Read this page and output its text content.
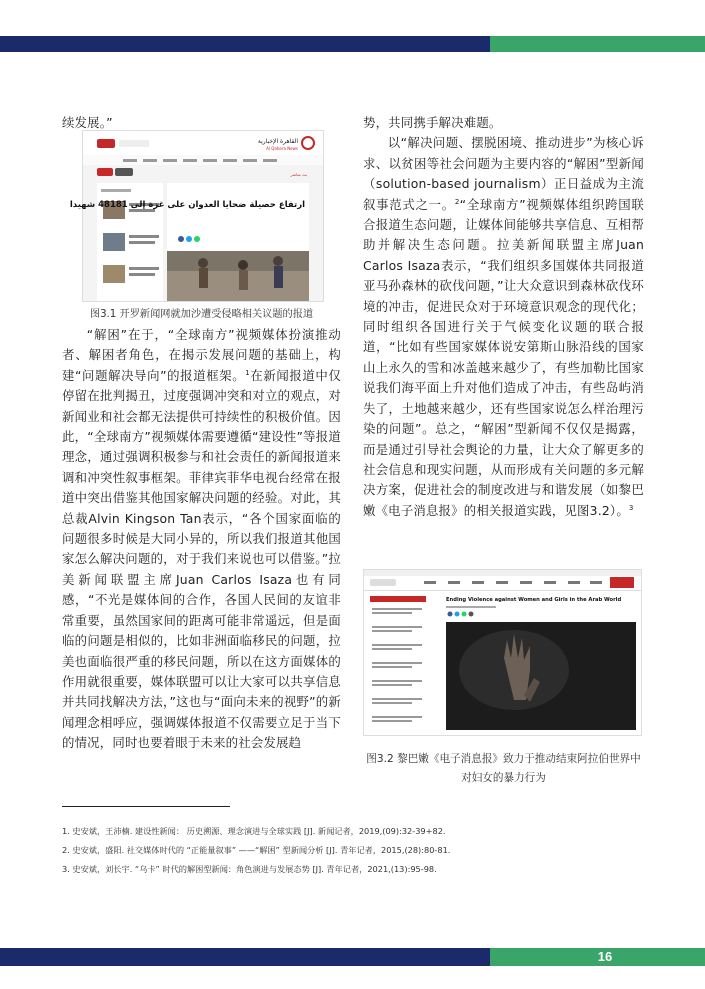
续发展。”

القاهرة الإخبارية
Al Qahera News
بث مباشر
ارتفاع حصيلة ضحايا العدوان على غزة إلى 48181 شهيدا
图3.1 开罗新闻网就加沙遭受侵略相关议题的报道

“解困”在于，“全球南方”视频媒体扮演推动者、解困者角色，在揭示发展问题的基础上，构建“问题解决导向”的报道框架。$^1$在新闻报道中仅停留在批判揭丑，过度强调冲突和对立的观点，对新闻业和社会都无法提供可持续性的积极价值。因此，“全球南方”视频媒体需要遵循“建设性”等报道理念，通过强调积极参与和社会责任的新闻报道来调和冲突性叙事框架。菲律宾菲华电视台经常在报道中突出借鉴其他国家解决问题的经验。对此，其总裁Alvin Kingson Tan表示，“各个国家面临的问题很多时候是大同小异的，所以我们报道其他国家怎么解决问题的，对于我们来说也可以借鉴。”拉美新闻联盟主席Juan Carlos Isaza也有同感，“不光是媒体间的合作，各国人民间的友谊非常重要，虽然国家间的距离可能非常遥远，但是面临的问题是相似的，比如非洲面临移民的问题，拉美也面临很严重的移民问题，所以在这方面媒体的作用就很重要，媒体联盟可以让大家可以共享信息并共同找解决方法，”这也与“面向未来的视野”的新闻理念相呼应，强调媒体报道不仅需要立足于当下的情况，同时也要着眼于未来的社会发展趋

势，共同携手解决难题。

以“解决问题、摆脱困境、推动进步”为核心诉求、以贫困等社会问题为主要内容的“解困”型新闻（solution-based journalism）正日益成为主流叙事范式之一。$^2$“全球南方”视频媒体组织跨国联合报道生态问题，让媒体间能够共享信息、互相帮助并解决生态问题。拉美新闻联盟主席Juan Carlos Isaza表示，“我们组织多国媒体共同报道亚马孙森林的砍伐问题，”让大众意识到森林砍伐环境的冲击，促进民众对于环境意识观念的现代化；同时组织各国进行关于气候变化议题的联合报道，“比如有些国家媒体说安第斯山脉沿线的国家山上永久的雪和冰盖越来越少了，有些加勒比国家说我们海平面上升对他们造成了冲击，有些岛屿消失了，土地越来越少，还有些国家说怎么样治理污染的问题”。总之，“解困”型新闻不仅仅是揭露，而是通过引导社会舆论的力量，让大众了解更多的社会信息和现实问题，从而形成有关问题的多元解决方案，促进社会的制度改进与和谐发展（如黎巴嫩《电子消息报》的相关报道实践，见图3.2）。$^3$

Ending Violence against Women and Girls in the Arab World
图3.2 黎巴嫩《电子消息报》致力于推动结束阿拉伯世界中对妇女的暴力行为
1. 史安斌，王沛楠. 建设性新闻： 历史溯源、理念演进与全球实践 [J]. 新闻记者，2019,(09):32-39+82.
2. 史安斌，盛阳. 社交媒体时代的 “正能量叙事” ——“解困” 型新闻分析 [J]. 青年记者，2015,(28):80-81.
3. 史安斌，刘长宇. “乌卡” 时代的解困型新闻：角色演进与发展态势 [J]. 青年记者，2021,(13):95-98.
16
